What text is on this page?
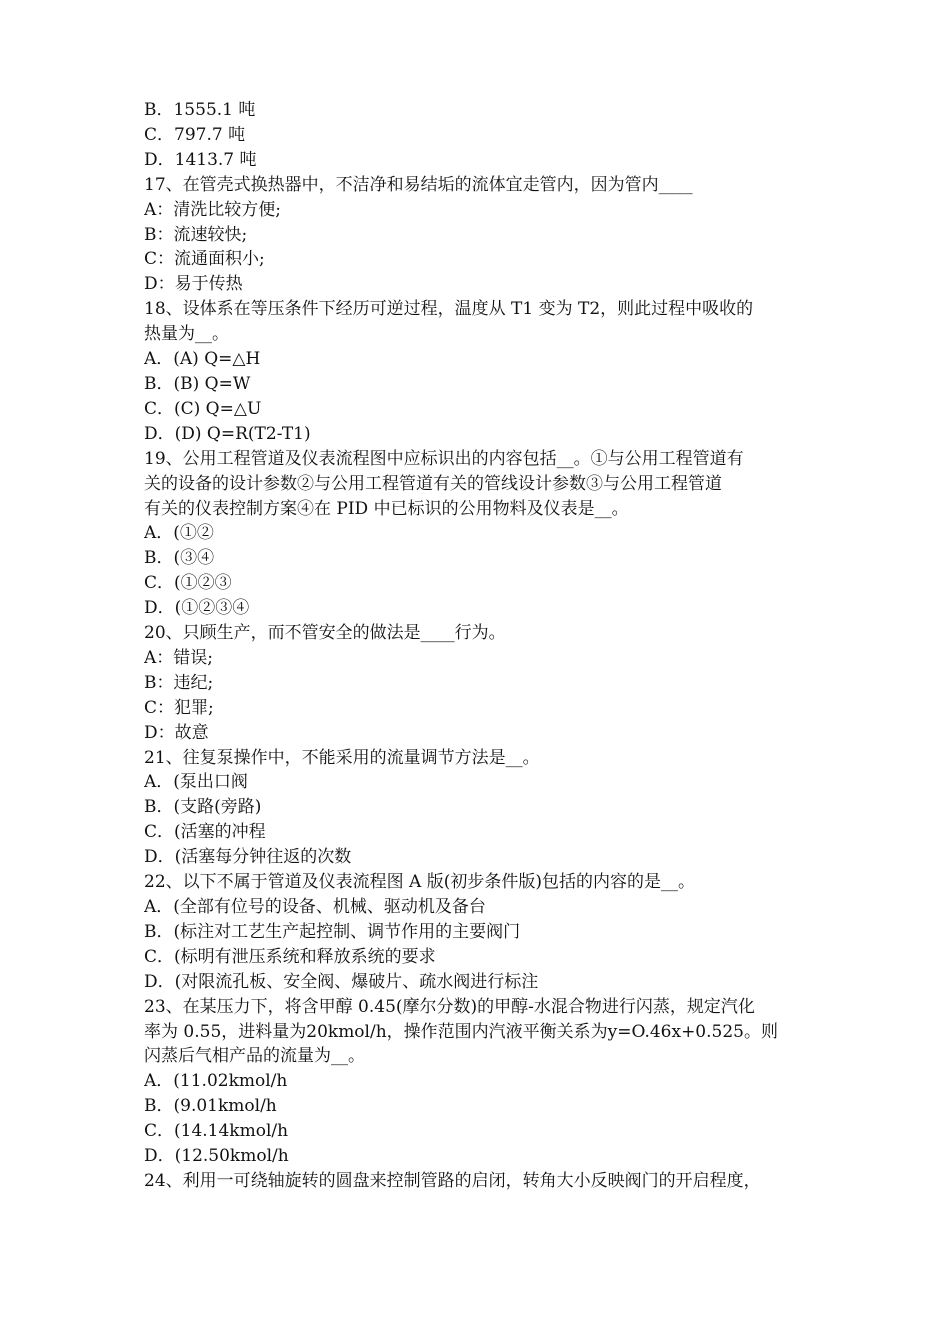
B．1555.1 吨
C．797.7 吨
D．1413.7 吨
17、在管壳式换热器中，不洁净和易结垢的流体宜走管内，因为管内____
A：清洗比较方便;
B：流速较快;
C：流通面积小;
D：易于传热
18、设体系在等压条件下经历可逆过程，温度从 T1 变为 T2，则此过程中吸收的
热量为__。
A．(A) Q=△H
B．(B) Q=W
C．(C) Q=△U
D．(D) Q=R(T2-T1)
19、公用工程管道及仪表流程图中应标识出的内容包括__。①与公用工程管道有
关的设备的设计参数②与公用工程管道有关的管线设计参数③与公用工程管道
有关的仪表控制方案④在 PID 中已标识的公用物料及仪表是__。
A．(①②
B．(③④
C．(①②③
D．(①②③④
20、只顾生产，而不管安全的做法是____行为。
A：错误;
B：违纪;
C：犯罪;
D：故意
21、往复泵操作中，不能采用的流量调节方法是__。
A．(泵出口阀
B．(支路(旁路)
C．(活塞的冲程
D．(活塞每分钟往返的次数
22、以下不属于管道及仪表流程图 A 版(初步条件版)包括的内容的是__。
A．(全部有位号的设备、机械、驱动机及备台
B．(标注对工艺生产起控制、调节作用的主要阀门
C．(标明有泄压系统和释放系统的要求
D．(对限流孔板、安全阀、爆破片、疏水阀进行标注
23、在某压力下，将含甲醇 0.45(摩尔分数)的甲醇-水混合物进行闪蒸，规定汽化
率为 0.55，进料量为20kmol/h，操作范围内汽液平衡关系为y=O.46x+0.525。则
闪蒸后气相产品的流量为__。
A．(11.02kmol/h
B．(9.01kmol/h
C．(14.14kmol/h
D．(12.50kmol/h
24、利用一可绕轴旋转的圆盘来控制管路的启闭，转角大小反映阀门的开启程度，
